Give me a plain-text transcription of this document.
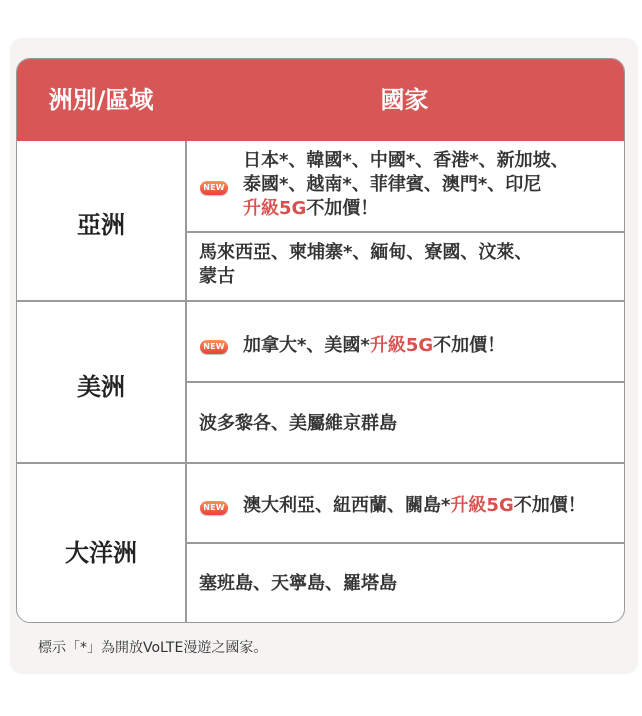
洲別/區域	國家
亞洲
NEW
日本*、韓國*、中國*、香港*、新加坡、
泰國*、越南*、菲律賓、澳門*、印尼
升級5G不加價！
馬來西亞、柬埔寨*、緬甸、寮國、汶萊、
蒙古
美洲
NEW 加拿大*、美國*升級5G不加價！
波多黎各、美屬維京群島
大洋洲
NEW 澳大利亞、紐西蘭、關島*升級5G不加價！
塞班島、天寧島、羅塔島
標示「*」為開放VoLTE漫遊之國家。
